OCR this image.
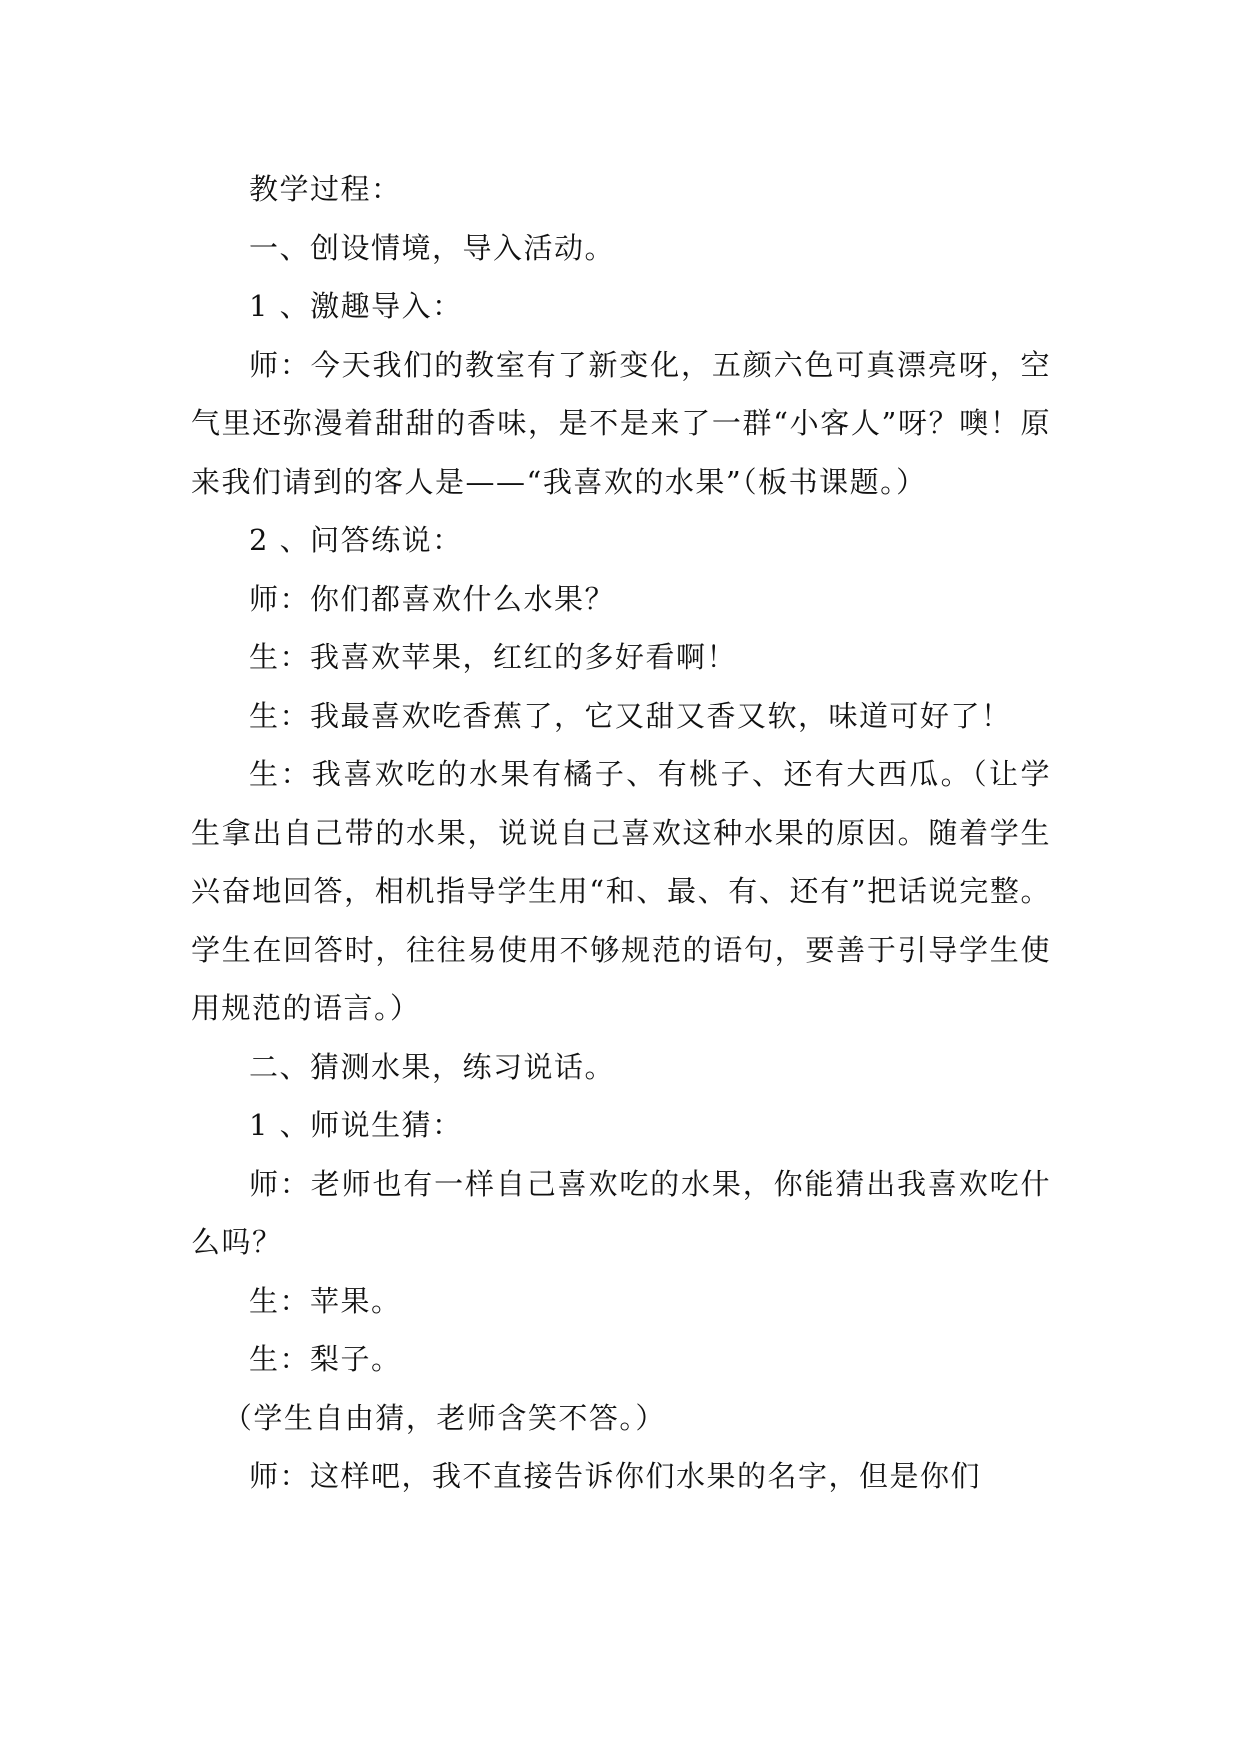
教学过程：

一、创设情境，导入活动。

1 、激趣导入：

师：今天我们的教室有了新变化，五颜六色可真漂亮呀，空气里还弥漫着甜甜的香味，是不是来了一群“小客人”呀？噢！原来我们请到的客人是——“我喜欢的水果”（板书课题。）

2 、问答练说：

师：你们都喜欢什么水果？

生：我喜欢苹果，红红的多好看啊！

生：我最喜欢吃香蕉了，它又甜又香又软，味道可好了！

生：我喜欢吃的水果有橘子、有桃子、还有大西瓜。（让学生拿出自己带的水果，说说自己喜欢这种水果的原因。随着学生兴奋地回答，相机指导学生用“和、最、有、还有”把话说完整。学生在回答时，往往易使用不够规范的语句，要善于引导学生使用规范的语言。）

二、猜测水果，练习说话。

1 、师说生猜：

师：老师也有一样自己喜欢吃的水果，你能猜出我喜欢吃什么吗？

生：苹果。

生：梨子。

（学生自由猜，老师含笑不答。）

师：这样吧，我不直接告诉你们水果的名字，但是你们
